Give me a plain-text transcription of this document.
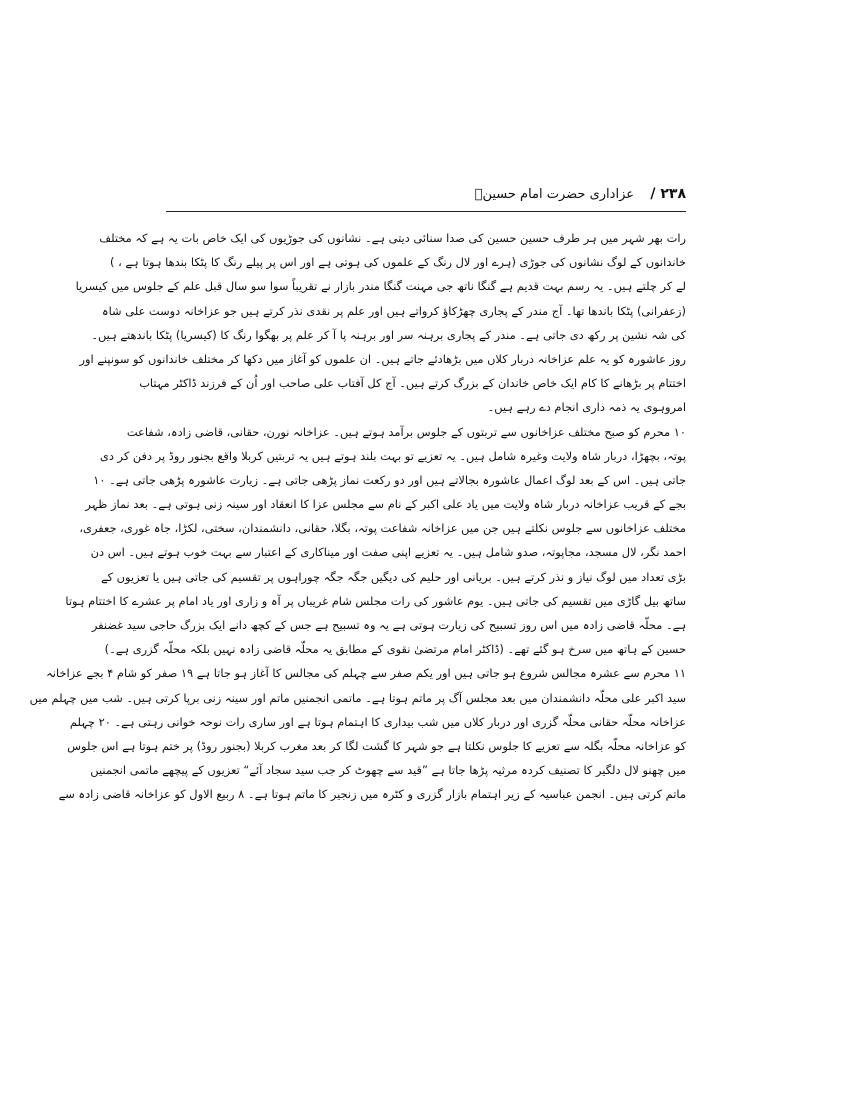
۲۳۸ /
عزاداری حضرت امام حسینؑ
رات بھر شہر میں ہر طرف حسین حسین کی صدا سنائی دیتی ہے۔ نشانوں کی جوڑیوں کی ایک خاص بات یہ ہے کہ مختلف
خاندانوں کے لوگ نشانوں کی جوڑی (ہرے اور لال رنگ کے علموں کی ہوتی ہے اور اس پر پیلے رنگ کا پٹکا بندھا ہوتا ہے ، )
لے کر چلتے ہیں۔ یہ رسم بہت قدیم ہے گنگا ناتھ جی مہنت گنگا مندر بازار نے تقریباً سوا سو سال قبل علم کے جلوس میں کیسریا
(زعفرانی) پٹکا باندھا تھا۔ آج مندر کے پجاری چھڑکاؤ کرواتے ہیں اور علم پر نقدی نذر کرتے ہیں جو عزاخانہ دوست علی شاہ
کی شہ نشین پر رکھ دی جاتی ہے۔ مندر کے پجاری برہنہ سر اور برہنہ پا آ کر علم پر بھگوا رنگ کا (کیسریا) پٹکا باندھتے ہیں۔
روز عاشورہ کو یہ علم عزاخانہ دربار کلاں میں بڑھادئے جاتے ہیں۔ ان علموں کو آغاز میں دکھا کر مختلف خاندانوں کو سونپنے اور
اختتام پر بڑھانے کا کام ایک خاص خاندان کے بزرگ کرتے ہیں۔ آج کل آفتاب علی صاحب اور اُن کے فرزند ڈاکٹر مہتاب
امروہوی یہ ذمہ داری انجام دے رہے ہیں۔
۱۰ محرم کو صبح مختلف عزاخانوں سے تربتوں کے جلوس برآمد ہوتے ہیں۔ عزاخانہ نورن، حقانی، قاضی زادہ، شفاعت
پوتہ، بچھڑا، دربار شاہ ولایت وغیرہ شامل ہیں۔ یہ تعزیے تو بہت بلند ہوتے ہیں یہ تربتیں کربلا واقع بجنور روڈ پر دفن کر دی
جاتی ہیں۔ اس کے بعد لوگ اعمال عاشورہ بجالاتے ہیں اور دو رکعت نماز پڑھی جاتی ہے۔ زیارت عاشورہ پڑھی جاتی ہے۔ ۱۰
بجے کے قریب عزاخانہ دربار شاہ ولایت میں یاد علی اکبر کے نام سے مجلس عزا کا انعقاد اور سینہ زنی ہوتی ہے۔ بعد نماز ظہر
مختلف عزاخانوں سے جلوس نکلتے ہیں جن میں عزاخانہ شفاعت پوتہ، بگلا، حقانی، دانشمندان، سختی، لکڑا، جاہ غوری، جعفری،
احمد نگر، لال مسجد، مجاپوتہ، صدو شامل ہیں۔ یہ تعزیے اپنی صفت اور میناکاری کے اعتبار سے بہت خوب ہوتے ہیں۔ اس دن
بڑی تعداد میں لوگ نیاز و نذر کرتے ہیں۔ بریانی اور حلیم کی دیگیں جگہ جگہ چوراہوں پر تقسیم کی جاتی ہیں یا تعزیوں کے
ساتھ بیل گاڑی میں تقسیم کی جاتی ہیں۔ یوم عاشور کی رات مجلس شام غریباں پر آہ و زاری اور یاد امام پر عشرے کا اختتام ہوتا
ہے۔ محلّہ قاضی زادہ میں اس روز تسبیح کی زیارت ہوتی ہے یہ وہ تسبیح ہے جس کے کچھ دانے ایک بزرگ حاجی سید غضنفر
حسین کے ہاتھ میں سرخ ہو گئے تھے۔ (ڈاکٹر امام مرتضیٰ نقوی کے مطابق یہ محلّہ قاضی زادہ نہیں بلکہ محلّہ گزری ہے۔)
۱۱ محرم سے عشرہ مجالس شروع ہو جاتی ہیں اور یکم صفر سے چہلم کی مجالس کا آغاز ہو جاتا ہے ۱۹ صفر کو شام ۴ بجے عزاخانہ
سید اکبر علی محلّہ دانشمندان میں بعد مجلس آگ پر ماتم ہوتا ہے۔ ماتمی انجمنیں ماتم اور سینہ زنی برپا کرتی ہیں۔ شب میں چہلم میں
عزاخانہ محلّہ حقانی محلّہ گزری اور دربار کلاں میں شب بیداری کا اہتمام ہوتا ہے اور ساری رات نوحہ خوانی رہتی ہے۔ ۲۰ چہلم
کو عزاخانہ محلّہ بگلہ سے تعزیے کا جلوس نکلتا ہے جو شہر کا گشت لگا کر بعد مغرب کربلا (بجنور روڈ) پر ختم ہوتا ہے اس جلوس
میں چھنو لال دلگیر کا تصنیف کردہ مرثیہ پڑھا جاتا ہے ”قید سے چھوٹ کر جب سید سجاد آئے“ تعزیوں کے پیچھے ماتمی انجمنیں
ماتم کرتی ہیں۔ انجمن عباسیہ کے زیر اہتمام بازار گزری و کٹرہ میں زنجیر کا ماتم ہوتا ہے۔ ۸ ربیع الاول کو عزاخانہ قاضی زادہ سے
